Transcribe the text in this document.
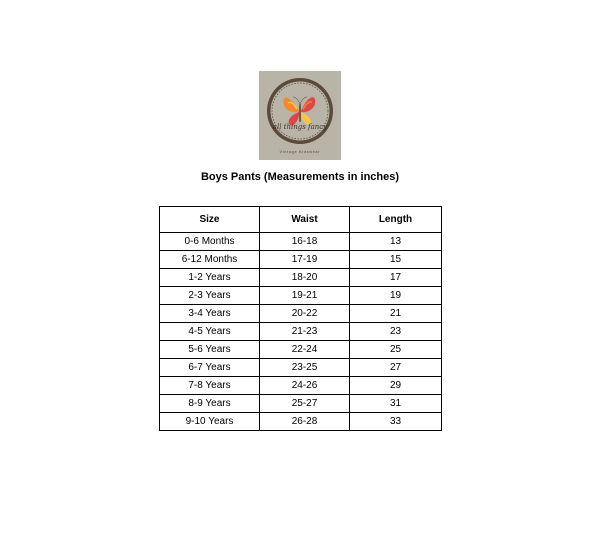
all things fancy
Vintage Kidswear
Boys Pants (Measurements in inches)
Size	Waist	Length
0-6 Months	16-18	13
6-12 Months	17-19	15
1-2 Years	18-20	17
2-3 Years	19-21	19
3-4 Years	20-22	21
4-5 Years	21-23	23
5-6 Years	22-24	25
6-7 Years	23-25	27
7-8 Years	24-26	29
8-9 Years	25-27	31
9-10 Years	26-28	33
